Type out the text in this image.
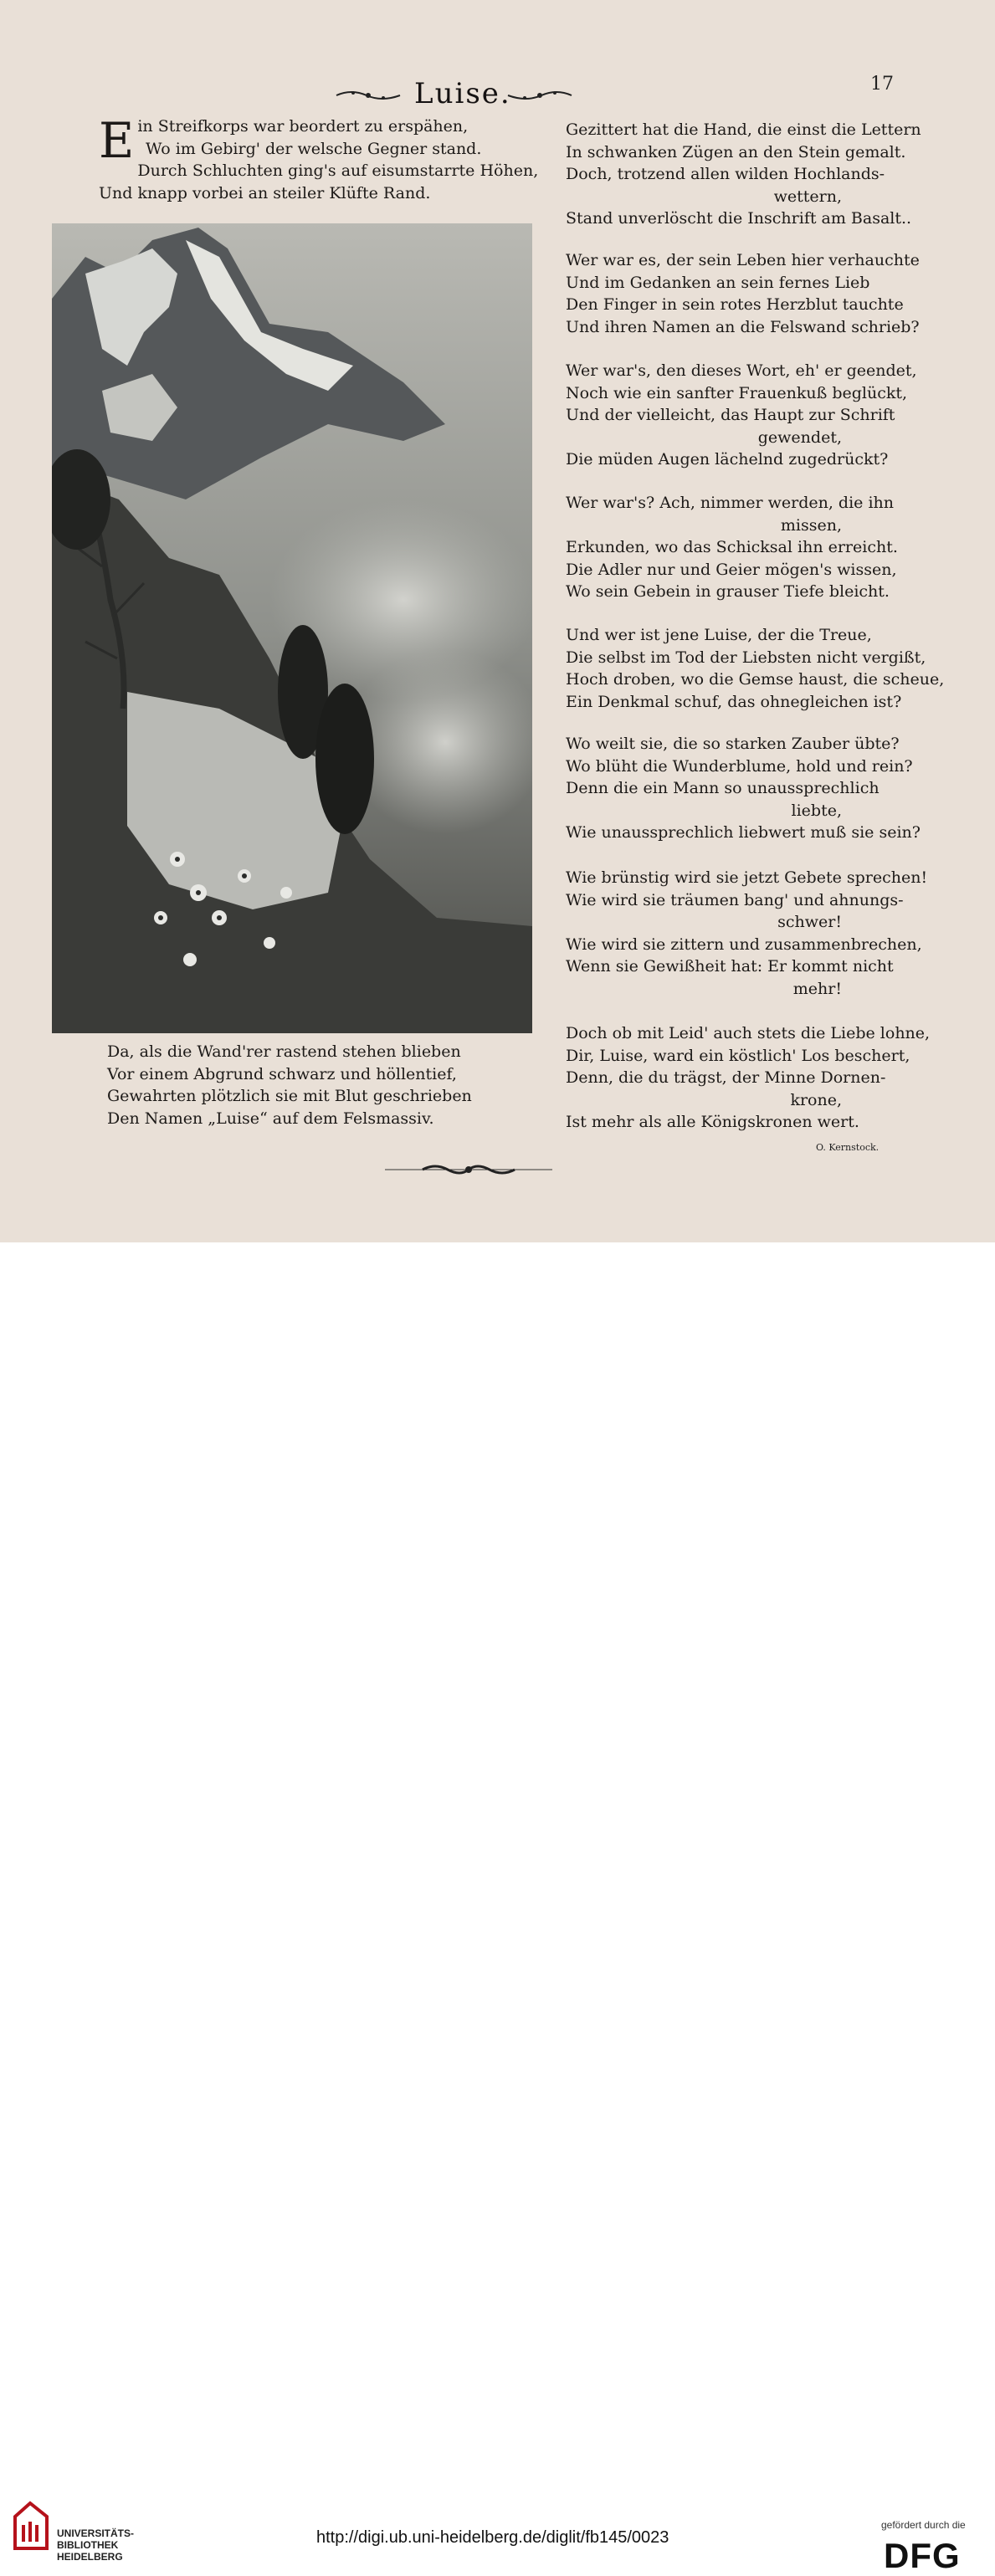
Luise.	17
E in Streifkorps war beordert zu erspähen,
Wo im Gebirg' der welsche Gegner stand.
Durch Schluchten ging's auf eisumstarrte Höhen,
Und knapp vorbei an steiler Klüfte Rand.
Da, als die Wand'rer rastend stehen blieben
Vor einem Abgrund schwarz und höllentief,
Gewahrten plötzlich sie mit Blut geschrieben
Den Namen „Luise“ auf dem Felsmassiv.
Gezittert hat die Hand, die einst die Lettern
In schwanken Zügen an den Stein gemalt.
Doch, trotzend allen wilden Hochlands-
wettern,
Stand unverlöscht die Inschrift am Basalt..
Wer war es, der sein Leben hier verhauchte
Und im Gedanken an sein fernes Lieb
Den Finger in sein rotes Herzblut tauchte
Und ihren Namen an die Felswand schrieb?
Wer war's, den dieses Wort, eh' er geendet,
Noch wie ein sanfter Frauenkuß beglückt,
Und der vielleicht, das Haupt zur Schrift
gewendet,
Die müden Augen lächelnd zugedrückt?
Wer war's? Ach, nimmer werden, die ihn
missen,
Erkunden, wo das Schicksal ihn erreicht.
Die Adler nur und Geier mögen's wissen,
Wo sein Gebein in grauser Tiefe bleicht.
Und wer ist jene Luise, der die Treue,
Die selbst im Tod der Liebsten nicht vergißt,
Hoch droben, wo die Gemse haust, die scheue,
Ein Denkmal schuf, das ohnegleichen ist?
Wo weilt sie, die so starken Zauber übte?
Wo blüht die Wunderblume, hold und rein?
Denn die ein Mann so unaussprechlich
liebte,
Wie unaussprechlich liebwert muß sie sein?
Wie brünstig wird sie jetzt Gebete sprechen!
Wie wird sie träumen bang' und ahnungs-
schwer!
Wie wird sie zittern und zusammenbrechen,
Wenn sie Gewißheit hat: Er kommt nicht
mehr!
Doch ob mit Leid' auch stets die Liebe lohne,
Dir, Luise, ward ein köstlich' Los beschert,
Denn, die du trägst, der Minne Dornen-
krone,
Ist mehr als alle Königskronen wert.
O. Kernstock.
UNIVERSITÄTS-
BIBLIOTHEK
HEIDELBERG
http://digi.ub.uni-heidelberg.de/diglit/fb145/0023
gefördert durch die
DFG
